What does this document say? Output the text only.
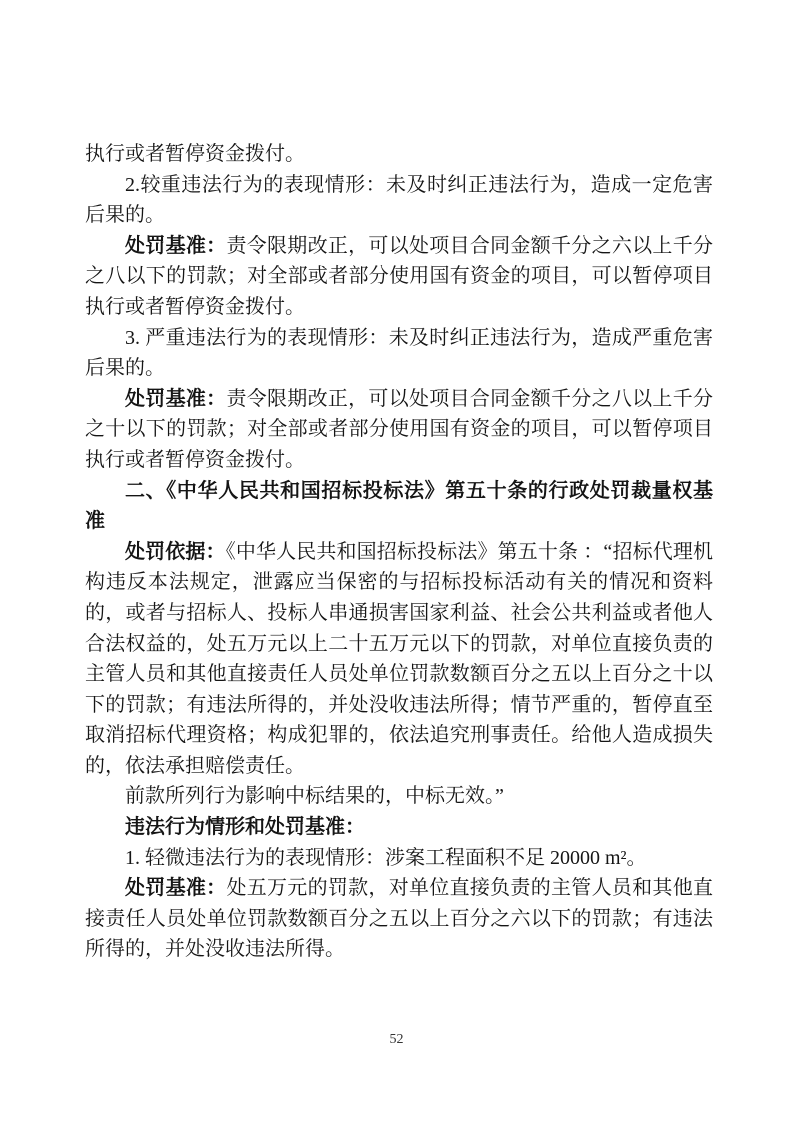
执行或者暂停资金拨付。

2.较重违法行为的表现情形：未及时纠正违法行为，造成一定危害后果的。

处罚基准：责令限期改正，可以处项目合同金额千分之六以上千分之八以下的罚款；对全部或者部分使用国有资金的项目，可以暂停项目执行或者暂停资金拨付。

3. 严重违法行为的表现情形：未及时纠正违法行为，造成严重危害后果的。

处罚基准：责令限期改正，可以处项目合同金额千分之八以上千分之十以下的罚款；对全部或者部分使用国有资金的项目，可以暂停项目执行或者暂停资金拨付。

二、《中华人民共和国招标投标法》第五十条的行政处罚裁量权基准

处罚依据：《中华人民共和国招标投标法》第五十条 ：“招标代理机构违反本法规定，泄露应当保密的与招标投标活动有关的情况和资料的，或者与招标人、投标人串通损害国家利益、社会公共利益或者他人合法权益的，处五万元以上二十五万元以下的罚款，对单位直接负责的主管人员和其他直接责任人员处单位罚款数额百分之五以上百分之十以下的罚款；有违法所得的，并处没收违法所得；情节严重的，暂停直至取消招标代理资格；构成犯罪的，依法追究刑事责任。给他人造成损失的，依法承担赔偿责任。

前款所列行为影响中标结果的，中标无效。”

违法行为情形和处罚基准：

1. 轻微违法行为的表现情形：涉案工程面积不足 20000 m²。

处罚基准：处五万元的罚款，对单位直接负责的主管人员和其他直接责任人员处单位罚款数额百分之五以上百分之六以下的罚款；有违法所得的，并处没收违法所得。

52
